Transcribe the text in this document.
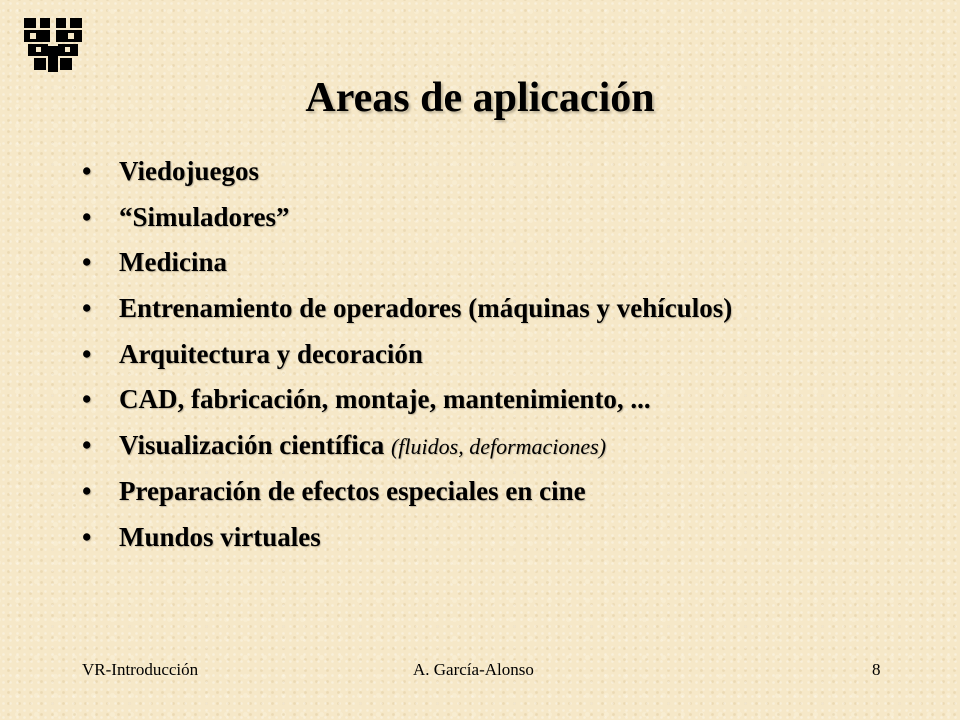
Areas de aplicación
•	Viedojuegos
•	“Simuladores”
•	Medicina
•	Entrenamiento de operadores (máquinas y vehículos)
•	Arquitectura y decoración
•	CAD, fabricación, montaje, mantenimiento, ...
•	Visualización científica (fluidos, deformaciones)
•	Preparación de efectos especiales en cine
•	Mundos virtuales
VR-Introducción	A. García-Alonso	8
